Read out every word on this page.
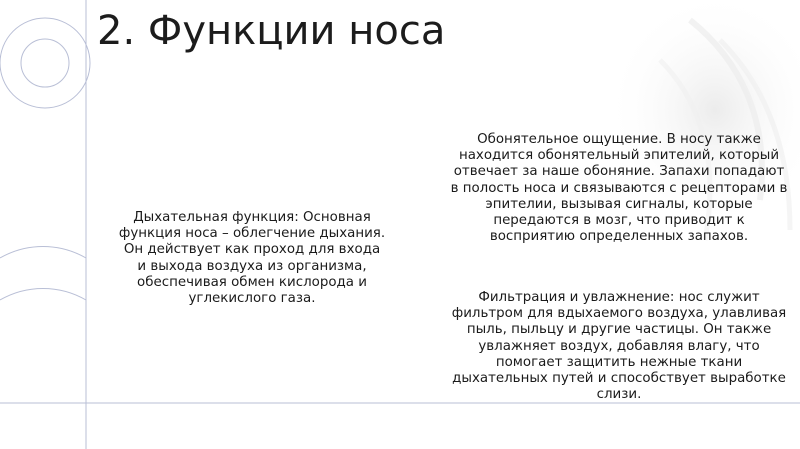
2. Функции носа

Дыхательная функция: Основная функция носа – облегчение дыхания. Он действует как проход для входа и выхода воздуха из организма, обеспечивая обмен кислорода и углекислого газа.

Обонятельное ощущение. В носу также находится обонятельный эпителий, который отвечает за наше обоняние. Запахи попадают в полость носа и связываются с рецепторами в эпителии, вызывая сигналы, которые передаются в мозг, что приводит к восприятию определенных запахов.

Фильтрация и увлажнение: нос служит фильтром для вдыхаемого воздуха, улавливая пыль, пыльцу и другие частицы. Он также увлажняет воздух, добавляя влагу, что помогает защитить нежные ткани дыхательных путей и способствует выработке слизи.
